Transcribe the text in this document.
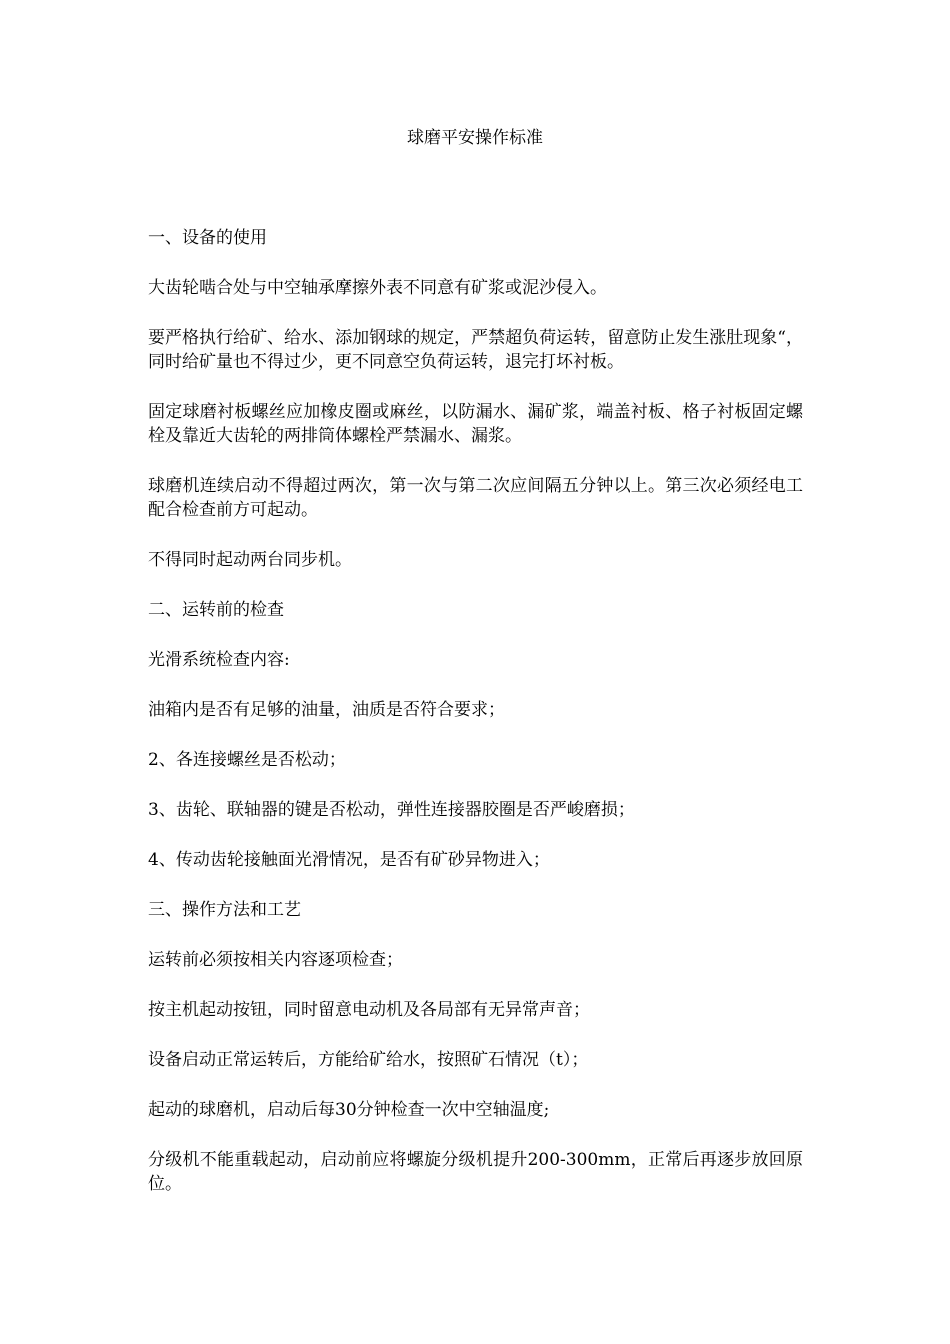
球磨平安操作标准

一、设备的使用

大齿轮啮合处与中空轴承摩擦外表不同意有矿浆或泥沙侵入。

要严格执行给矿、给水、添加钢球的规定，严禁超负荷运转，留意防止发生涨肚现象“，同时给矿量也不得过少，更不同意空负荷运转，退完打坏衬板。

固定球磨衬板螺丝应加橡皮圈或麻丝，以防漏水、漏矿浆，端盖衬板、格子衬板固定螺栓及靠近大齿轮的两排筒体螺栓严禁漏水、漏浆。

球磨机连续启动不得超过两次，第一次与第二次应间隔五分钟以上。第三次必须经电工配合检查前方可起动。

不得同时起动两台同步机。

二、运转前的检查

光滑系统检查内容:

油箱内是否有足够的油量，油质是否符合要求；

2、各连接螺丝是否松动；

3、齿轮、联轴器的键是否松动，弹性连接器胶圈是否严峻磨损；

4、传动齿轮接触面光滑情况，是否有矿砂异物进入；

三、操作方法和工艺

运转前必须按相关内容逐项检查；

按主机起动按钮，同时留意电动机及各局部有无异常声音；

设备启动正常运转后，方能给矿给水，按照矿石情况（t）；

起动的球磨机，启动后每30分钟检查一次中空轴温度;

分级机不能重载起动，启动前应将螺旋分级机提升200-300mm，正常后再逐步放回原位。
